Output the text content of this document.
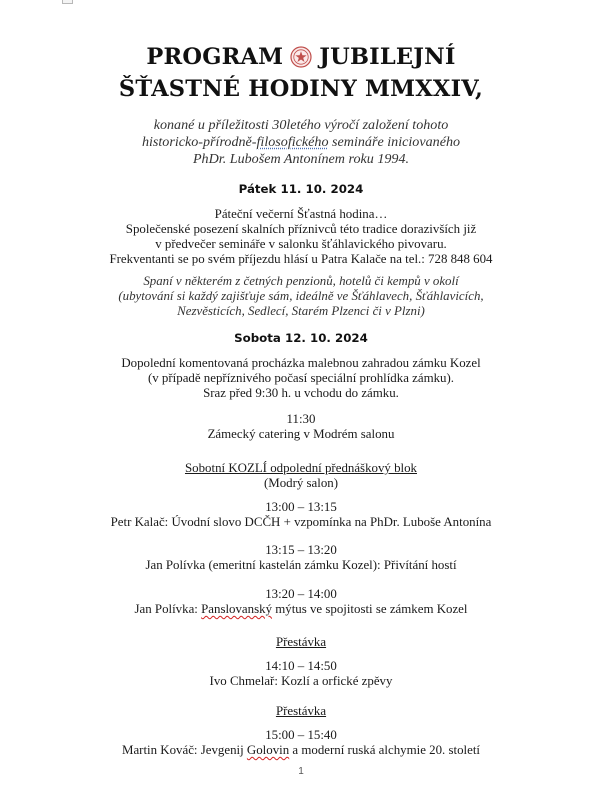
PROGRAM JUBILEJNÍ
ŠŤASTNÉ HODINY MMXXIV,
konané u příležitosti 30letého výročí založení tohoto
historicko-přírodně-filosofického semináře iniciovaného
PhDr. Lubošem Antonínem roku 1994.
Pátek 11. 10. 2024
Páteční večerní Šťastná hodina…
Společenské posezení skalních příznivců této tradice dorazivších již
v předvečer semináře v salonku šťáhlavického pivovaru.
Frekventanti se po svém příjezdu hlásí u Patra Kalače na tel.: 728 848 604
Spaní v některém z četných penzionů, hotelů či kempů v okolí
(ubytování si každý zajišťuje sám, ideálně ve Šťáhlavech, Šťáhlavicích,
Nezvěsticích, Sedlecí, Starém Plzenci či v Plzni)
Sobota 12. 10. 2024
Dopolední komentovaná procházka malebnou zahradou zámku Kozel
(v případě nepříznivého počasí speciální prohlídka zámku).
Sraz před 9:30 h. u vchodu do zámku.
11:30
Zámecký catering v Modrém salonu
Sobotní KOZLÍ odpolední přednáškový blok
(Modrý salon)
13:00 – 13:15
Petr Kalač: Úvodní slovo DCČH + vzpomínka na PhDr. Luboše Antonína
13:15 – 13:20
Jan Polívka (emeritní kastelán zámku Kozel): Přivítání hostí
13:20 – 14:00
Jan Polívka: Panslovanský mýtus ve spojitosti se zámkem Kozel
Přestávka
14:10 – 14:50
Ivo Chmelař: Kozlí a orfické zpěvy
Přestávka
15:00 – 15:40
Martin Kováč: Jevgenij Golovin a moderní ruská alchymie 20. století
1
